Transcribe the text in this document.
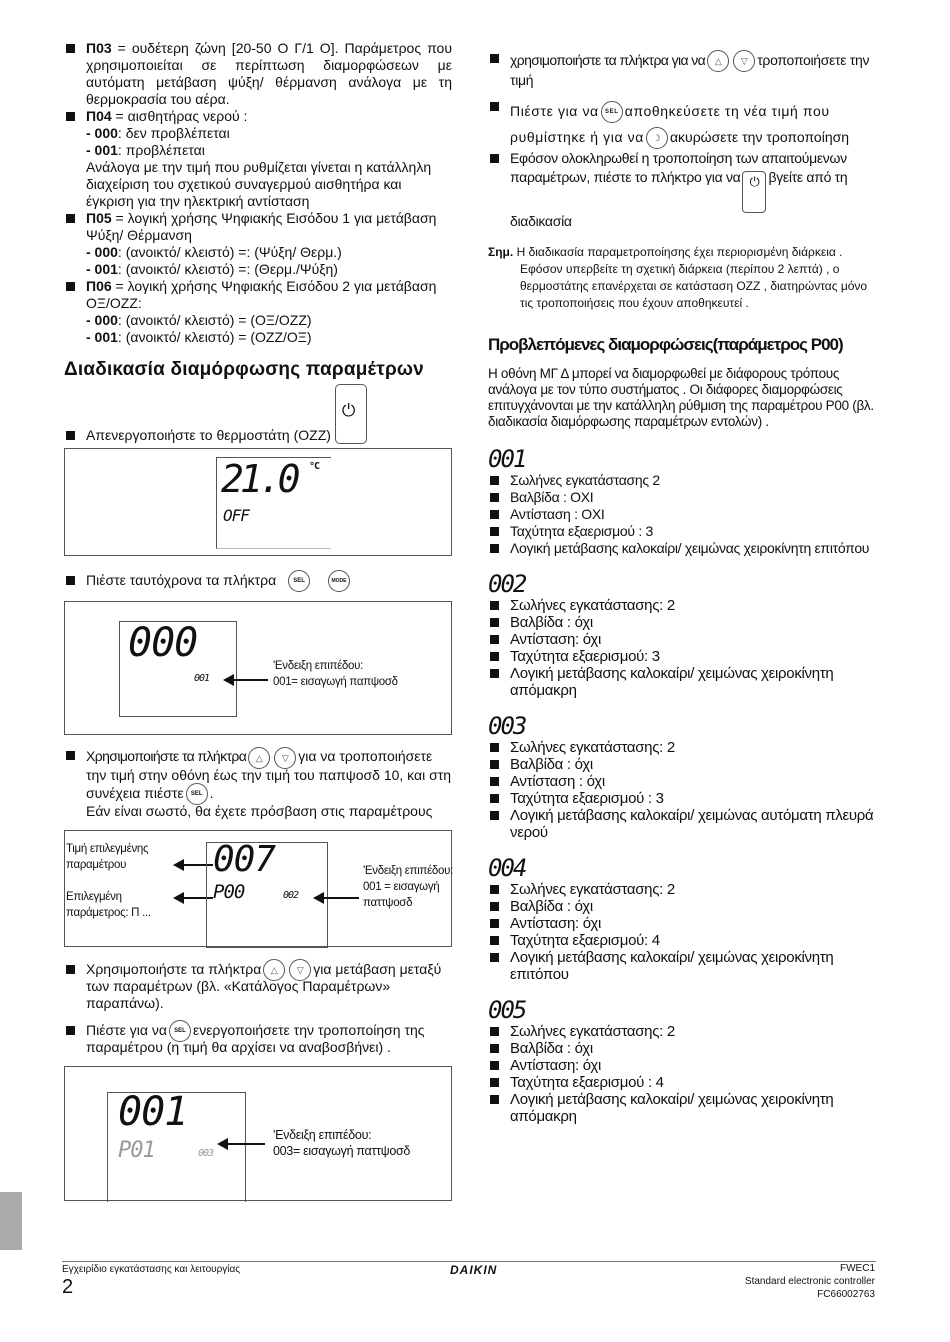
П03 = ουδέτερη ζώνη [20-50 O Γ/1 O]. Παράμετρος που χρησιμοποιείται σε περίπτωση διαμορφώσεων με αυτόματη μετάβαση ψύξη/ θέρμανση ανάλογα με τη θερμοκρασία του αέρα.
П04 = αισθητήρας νερού :
- 000: δεν προβλέπεται
- 001: προβλέπεται
Ανάλογα με την τιμή που ρυθμίζεται γίνεται η κατάλληλη διαχείριση του σχετικού συναγερμού αισθητήρα και έγκριση για την ηλεκτρική αντίσταση
П05 = λογική χρήσης Ψηφιακής Εισόδου 1 για μετάβαση Ψύξη/ Θέρμανση
- 000: (ανοικτό/ κλειστό) =: (Ψύξη/ Θερμ.)
- 001: (ανοικτό/ κλειστό) =: (Θερμ./Ψύξη)
П06 = λογική χρήσης Ψηφιακής Εισόδου 2 για μετάβαση ΟΞ/ΟΖΖ:
- 000: (ανοικτό/ κλειστό) = (ΟΞ/ΟΖΖ)
- 001: (ανοικτό/ κλειστό) = (ΟΖΖ/ΟΞ)
Διαδικασία διαμόρφωσης παραμέτρων
Απενεργοποιήστε το θερμοστάτη (ΟΖΖ)
⏻
21.0 °C
OFF
Πιέστε ταυτόχρονα τα πλήκτρα	SEL	MODE
000
001
'Ενδειξη επιπέδου:
001= εισαγωγή παπψοσδ
Χρησιμοποιήστε τα πλήκτρα △ ▽ για να τροποποιήσετε την τιμή στην οθόνη έως την τιμή του παπψοσδ 10, και στη συνέχεια πιέστε SEL .
Εάν είναι σωστό, θα έχετε πρόσβαση στις παραμέτρους
Τιμή επιλεγμένης
παραμέτρου
Επιλεγμένη
παράμετρος: Π ...
007
P00	002
'Ενδειξη επιπέδου:
001 = εισαγωγή
παττψοσδ
Χρησιμοποιήστε τα πλήκτρα △ ▽ για μετάβαση μεταξύ των παραμέτρων (βλ. «Κατάλογος Παραμέτρων» παραπάνω).
Πιέστε για να SEL ενεργοποιήσετε την τροποποίηση της παραμέτρου (η τιμή θα αρχίσει να αναβοσβήνει) .
001
P01	003
'Ενδειξη επιπέδου:
003= εισαγωγή παττψοσδ
χρησιμοποιήστε τα πλήκτρα για να △ ▽ τροποποιήσετε την τιμή
Πιέστε για να SEL αποθηκεύσετε τη νέα τιμή που ρυθμίστηκε ή για να ☽ ακυρώσετε την τροποποίηση
Εφόσον ολοκληρωθεί η τροποποίηση των απαιτούμενων παραμέτρων, πιέστε το πλήκτρο για να ⏻ βγείτε από τη διαδικασία
Σημ. Η διαδικασία παραμετροποίησης έχει περιορισμένη διάρκεια . Εφόσον υπερβείτε τη σχετική διάρκεια (περίπου 2 λεπτά) , ο θερμοστάτης επανέρχεται σε κατάσταση ΟΖΖ , διατηρώντας μόνο τις τροποποιήσεις που έχουν αποθηκευτεί .
Προβλεπόμενες διαμορφώσεις(παράμετρος P00)
Η οθόνη ΜΓ Δ μπορεί να διαμορφωθεί με διάφορους τρόπους ανάλογα με τον τύπο συστήματος . Οι διάφορες διαμορφώσεις επιτυγχάνονται με την κατάλληλη ρύθμιση της παραμέτρου P00 (βλ. διαδικασία διαμόρφωσης παραμέτρων εντολών) .
001
Σωλήνες εγκατάστασης 2
Βαλβίδα : ΟΧΙ
Αντίσταση : ΟΧΙ
Ταχύτητα εξαερισμού : 3
Λογική μετάβασης καλοκαίρι/ χειμώνας χειροκίνητη επιτόπου
002
Σωλήνες εγκατάστασης: 2
Βαλβίδα : όχι
Αντίσταση: όχι
Ταχύτητα εξαερισμού: 3
Λογική μετάβασης καλοκαίρι/ χειμώνας χειροκίνητη απόμακρη
003
Σωλήνες εγκατάστασης: 2
Βαλβίδα : όχι
Αντίσταση : όχι
Ταχύτητα εξαερισμού : 3
Λογική μετάβασης καλοκαίρι/ χειμώνας αυτόματη πλευρά νερού
004
Σωλήνες εγκατάστασης: 2
Βαλβίδα : όχι
Αντίσταση: όχι
Ταχύτητα εξαερισμού: 4
Λογική μετάβασης καλοκαίρι/ χειμώνας χειροκίνητη επιτόπου
005
Σωλήνες εγκατάστασης: 2
Βαλβίδα : όχι
Αντίσταση: όχι
Ταχύτητα εξαερισμού : 4
Λογική μετάβασης καλοκαίρι/ χειμώνας χειροκίνητη απόμακρη
Εγχειρίδιο εγκατάστασης και λειτουργίας
2
DAIKIN	FWEC1
Standard electronic controller
FC66002763
